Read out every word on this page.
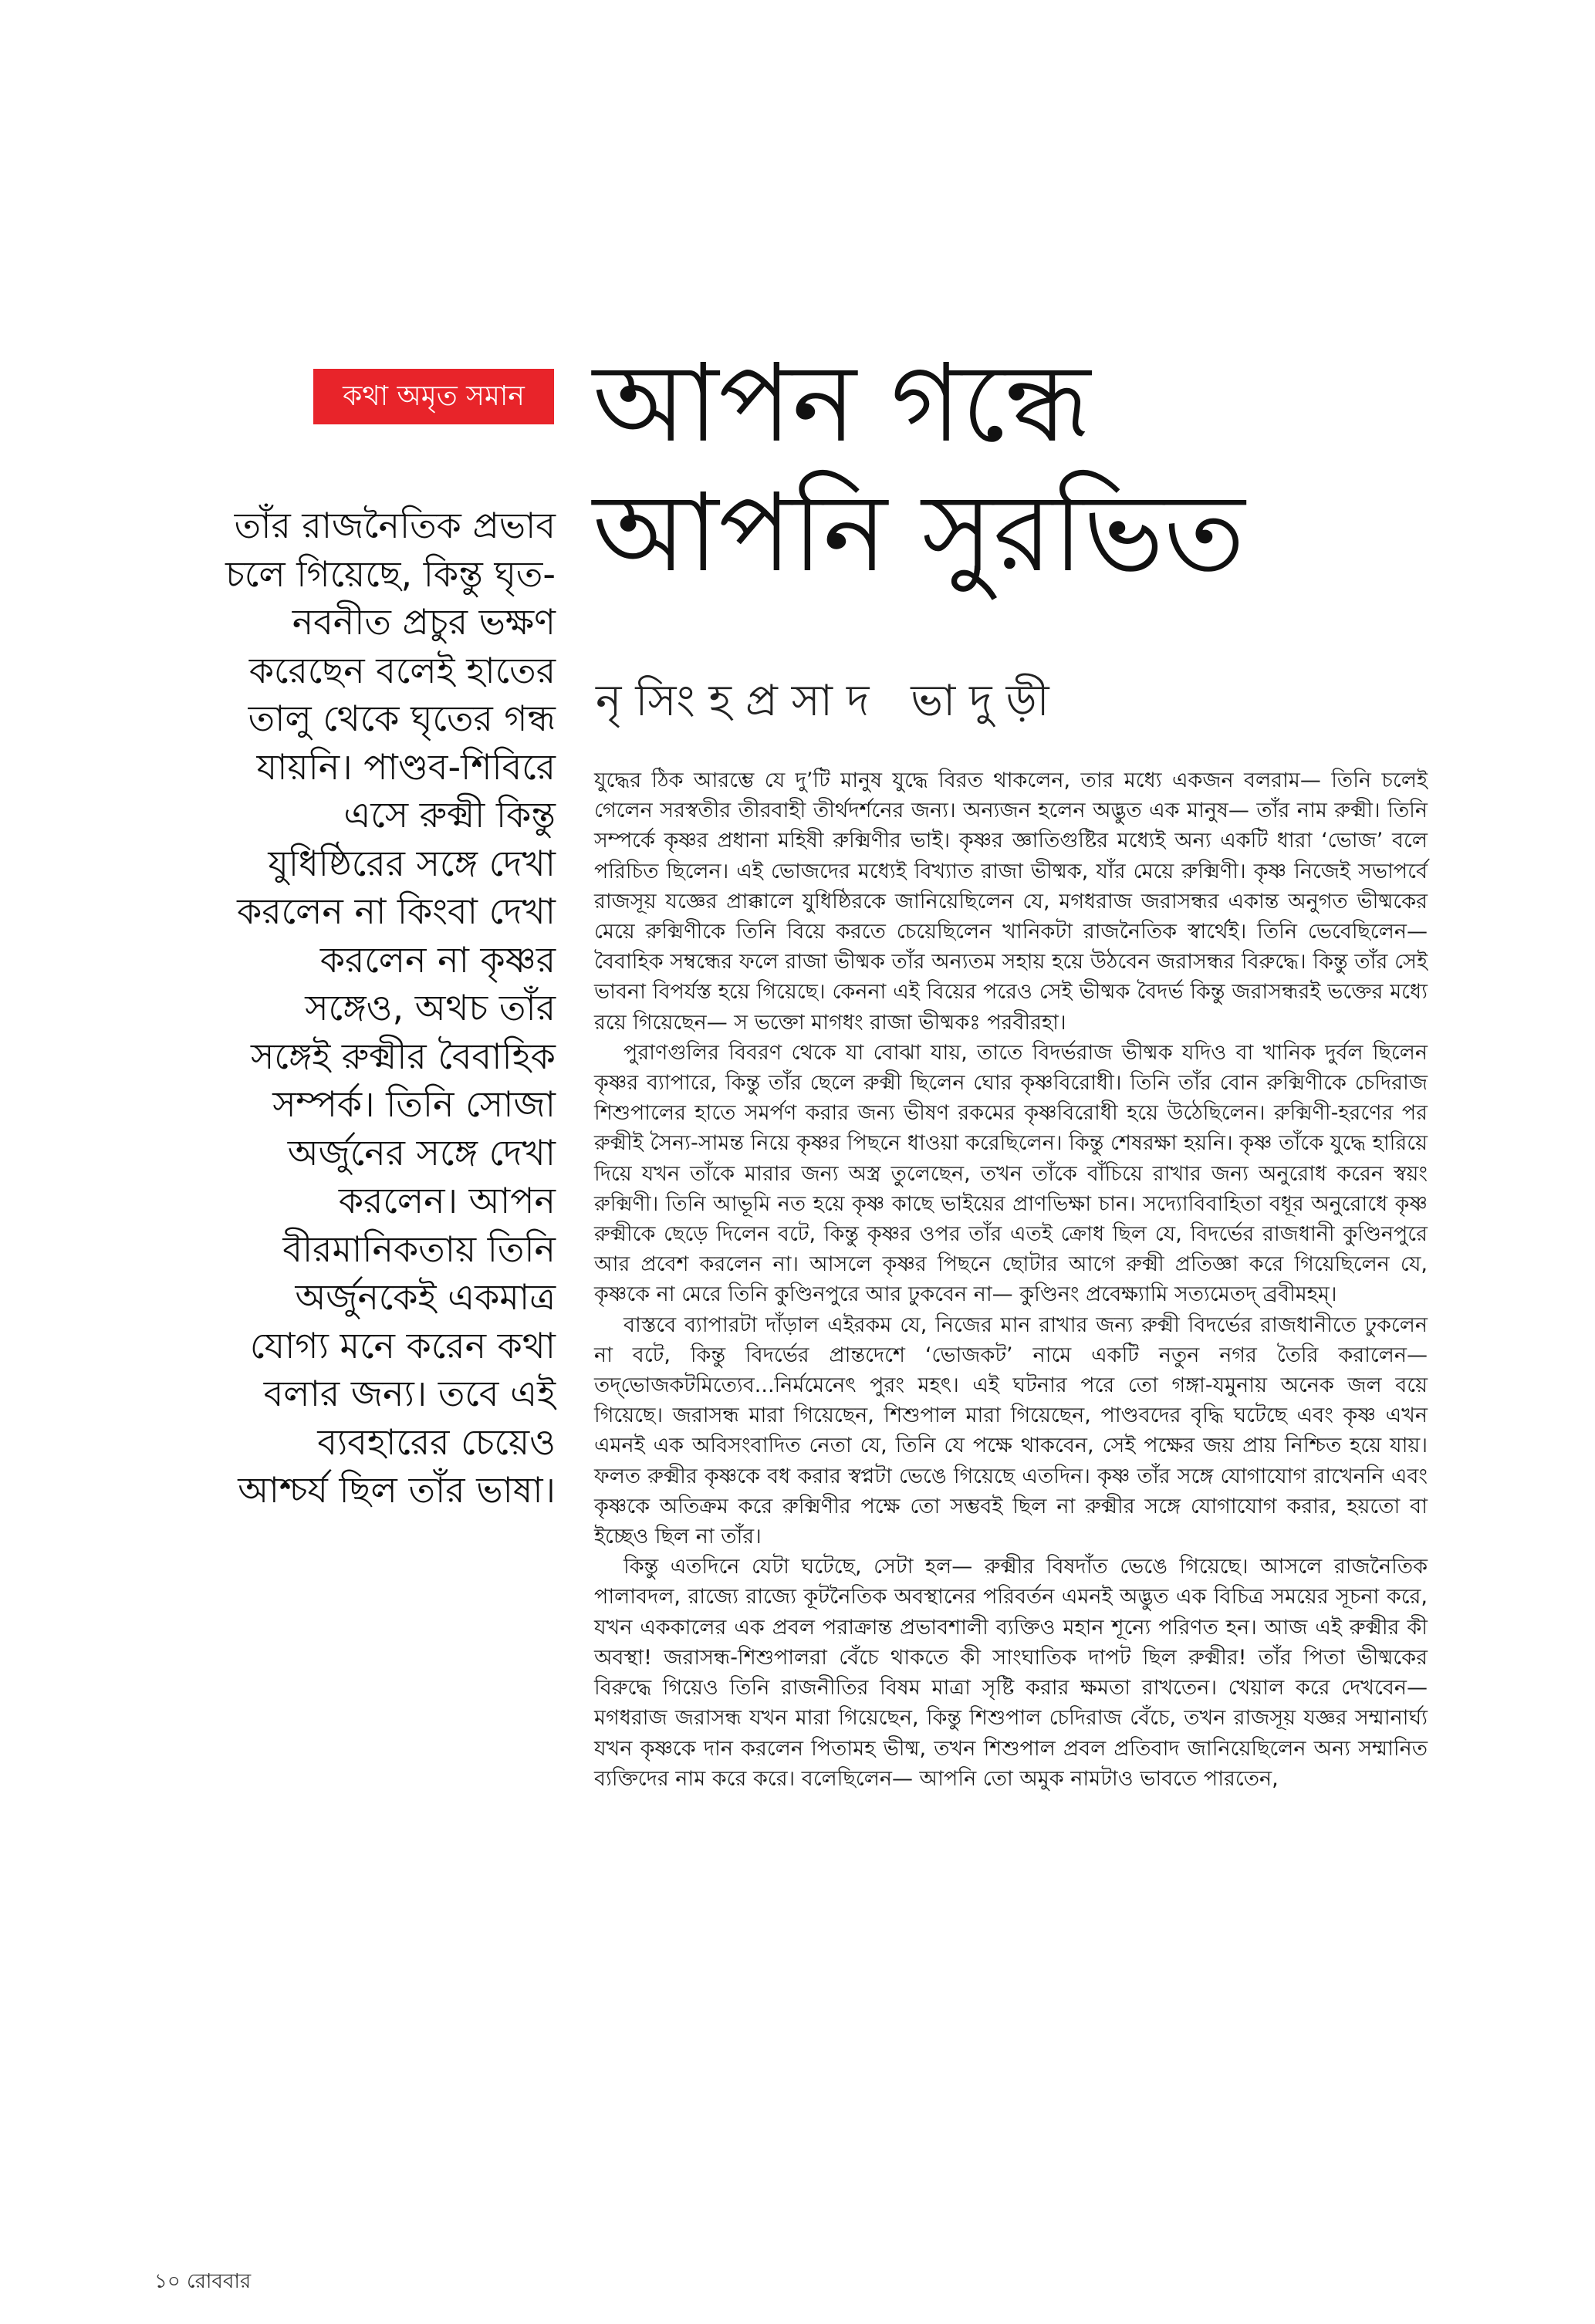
কথা অমৃত সমান আপন গন্ধে
আপনি সুরভিত
নৃসিংহপ্রসাদ ভাদুড়ী
তাঁর রাজনৈতিক প্রভাব
চলে গিয়েছে, কিন্তু ঘৃত-
নবনীত প্রচুর ভক্ষণ
করেছেন বলেই হাতের
তালু থেকে ঘৃতের গন্ধ
যায়নি। পাণ্ডব-শিবিরে
এসে রুক্মী কিন্তু
যুধিষ্ঠিরের সঙ্গে দেখা
করলেন না কিংবা দেখা
করলেন না কৃষ্ণর
সঙ্গেও, অথচ তাঁর
সঙ্গেই রুক্মীর বৈবাহিক
সম্পর্ক। তিনি সোজা
অর্জুনের সঙ্গে দেখা
করলেন। আপন
বীরমানিকতায় তিনি
অর্জুনকেই একমাত্র
যোগ্য মনে করেন কথা
বলার জন্য। তবে এই
ব্যবহারের চেয়েও
আশ্চর্য ছিল তাঁর ভাষা।

যুদ্ধের ঠিক আরম্ভে যে দু’টি মানুষ যুদ্ধে বিরত থাকলেন, তার মধ্যে একজন বলরাম— তিনি চলেই গেলেন সরস্বতীর তীরবাহী তীর্থদর্শনের জন্য। অন্যজন হলেন অদ্ভুত এক মানুষ— তাঁর নাম রুক্মী। তিনি সম্পর্কে কৃষ্ণর প্রধানা মহিষী রুক্মিণীর ভাই। কৃষ্ণর জ্ঞাতিগুষ্টির মধ্যেই অন্য একটি ধারা ‘ভোজ’ বলে পরিচিত ছিলেন। এই ভোজদের মধ্যেই বিখ্যাত রাজা ভীষ্মক, যাঁর মেয়ে রুক্মিণী। কৃষ্ণ নিজেই সভাপর্বে রাজসূয় যজ্ঞের প্রাক্কালে যুধিষ্ঠিরকে জানিয়েছিলেন যে, মগধরাজ জরাসন্ধর একান্ত অনুগত ভীষ্মকের মেয়ে রুক্মিণীকে তিনি বিয়ে করতে চেয়েছিলেন খানিকটা রাজনৈতিক স্বার্থেই। তিনি ভেবেছিলেন— বৈবাহিক সম্বন্ধের ফলে রাজা ভীষ্মক তাঁর অন্যতম সহায় হয়ে উঠবেন জরাসন্ধর বিরুদ্ধে। কিন্তু তাঁর সেই ভাবনা বিপর্যস্ত হয়ে গিয়েছে। কেননা এই বিয়ের পরেও সেই ভীষ্মক বৈদর্ভ কিন্তু জরাসন্ধরই ভক্তের মধ্যে রয়ে গিয়েছেন— স ভক্তো মাগধং রাজা ভীষ্মকঃ পরবীরহা।

পুরাণগুলির বিবরণ থেকে যা বোঝা যায়, তাতে বিদর্ভরাজ ভীষ্মক যদিও বা খানিক দুর্বল ছিলেন কৃষ্ণর ব্যাপারে, কিন্তু তাঁর ছেলে রুক্মী ছিলেন ঘোর কৃষ্ণবিরোধী। তিনি তাঁর বোন রুক্মিণীকে চেদিরাজ শিশুপালের হাতে সমর্পণ করার জন্য ভীষণ রকমের কৃষ্ণবিরোধী হয়ে উঠেছিলেন। রুক্মিণী-হরণের পর রুক্মীই সৈন্য-সামন্ত নিয়ে কৃষ্ণর পিছনে ধাওয়া করেছিলেন। কিন্তু শেষরক্ষা হয়নি। কৃষ্ণ তাঁকে যুদ্ধে হারিয়ে দিয়ে যখন তাঁকে মারার জন্য অস্ত্র তুলেছেন, তখন তাঁকে বাঁচিয়ে রাখার জন্য অনুরোধ করেন স্বয়ং রুক্মিণী। তিনি আভূমি নত হয়ে কৃষ্ণ কাছে ভাইয়ের প্রাণভিক্ষা চান। সদ্যোবিবাহিতা বধূর অনুরোধে কৃষ্ণ রুক্মীকে ছেড়ে দিলেন বটে, কিন্তু কৃষ্ণর ওপর তাঁর এতই ক্রোধ ছিল যে, বিদর্ভের রাজধানী কুণ্ডিনপুরে আর প্রবেশ করলেন না। আসলে কৃষ্ণর পিছনে ছোটার আগে রুক্মী প্রতিজ্ঞা করে গিয়েছিলেন যে, কৃষ্ণকে না মেরে তিনি কুণ্ডিনপুরে আর ঢুকবেন না— কুণ্ডিনং প্রবেক্ষ্যামি সত্যমেতদ্ ব্রবীমহম্।

বাস্তবে ব্যাপারটা দাঁড়াল এইরকম যে, নিজের মান রাখার জন্য রুক্মী বিদর্ভের রাজধানীতে ঢুকলেন না বটে, কিন্তু বিদর্ভের প্রান্তদেশে ‘ভোজকট’ নামে একটি নতুন নগর তৈরি করালেন— তদ্‌ভোজকটমিত্যেব...নির্মমেনেৎ পুরং মহৎ। এই ঘটনার পরে তো গঙ্গা-যমুনায় অনেক জল বয়ে গিয়েছে। জরাসন্ধ মারা গিয়েছেন, শিশুপাল মারা গিয়েছেন, পাণ্ডবদের বৃদ্ধি ঘটেছে এবং কৃষ্ণ এখন এমনই এক অবিসংবাদিত নেতা যে, তিনি যে পক্ষে থাকবেন, সেই পক্ষের জয় প্রায় নিশ্চিত হয়ে যায়। ফলত রুক্মীর কৃষ্ণকে বধ করার স্বপ্নটা ভেঙে গিয়েছে এতদিন। কৃষ্ণ তাঁর সঙ্গে যোগাযোগ রাখেননি এবং কৃষ্ণকে অতিক্রম করে রুক্মিণীর পক্ষে তো সম্ভবই ছিল না রুক্মীর সঙ্গে যোগাযোগ করার, হয়তো বা ইচ্ছেও ছিল না তাঁর।

কিন্তু এতদিনে যেটা ঘটেছে, সেটা হল— রুক্মীর বিষদাঁত ভেঙে গিয়েছে। আসলে রাজনৈতিক পালাবদল, রাজ্যে রাজ্যে কূটনৈতিক অবস্থানের পরিবর্তন এমনই অদ্ভুত এক বিচিত্র সময়ের সূচনা করে, যখন এককালের এক প্রবল পরাক্রান্ত প্রভাবশালী ব্যক্তিও মহান শূন্যে পরিণত হন। আজ এই রুক্মীর কী অবস্থা! জরাসন্ধ-শিশুপালরা বেঁচে থাকতে কী সাংঘাতিক দাপট ছিল রুক্মীর! তাঁর পিতা ভীষ্মকের বিরুদ্ধে গিয়েও তিনি রাজনীতির বিষম মাত্রা সৃষ্টি করার ক্ষমতা রাখতেন। খেয়াল করে দেখবেন— মগধরাজ জরাসন্ধ যখন মারা গিয়েছেন, কিন্তু শিশুপাল চেদিরাজ বেঁচে, তখন রাজসূয় যজ্ঞর সম্মানার্ঘ্য যখন কৃষ্ণকে দান করলেন পিতামহ ভীষ্ম, তখন শিশুপাল প্রবল প্রতিবাদ জানিয়েছিলেন অন্য সম্মানিত ব্যক্তিদের নাম করে করে। বলেছিলেন— আপনি তো অমুক নামটাও ভাবতে পারতেন,

১০ রোববার
